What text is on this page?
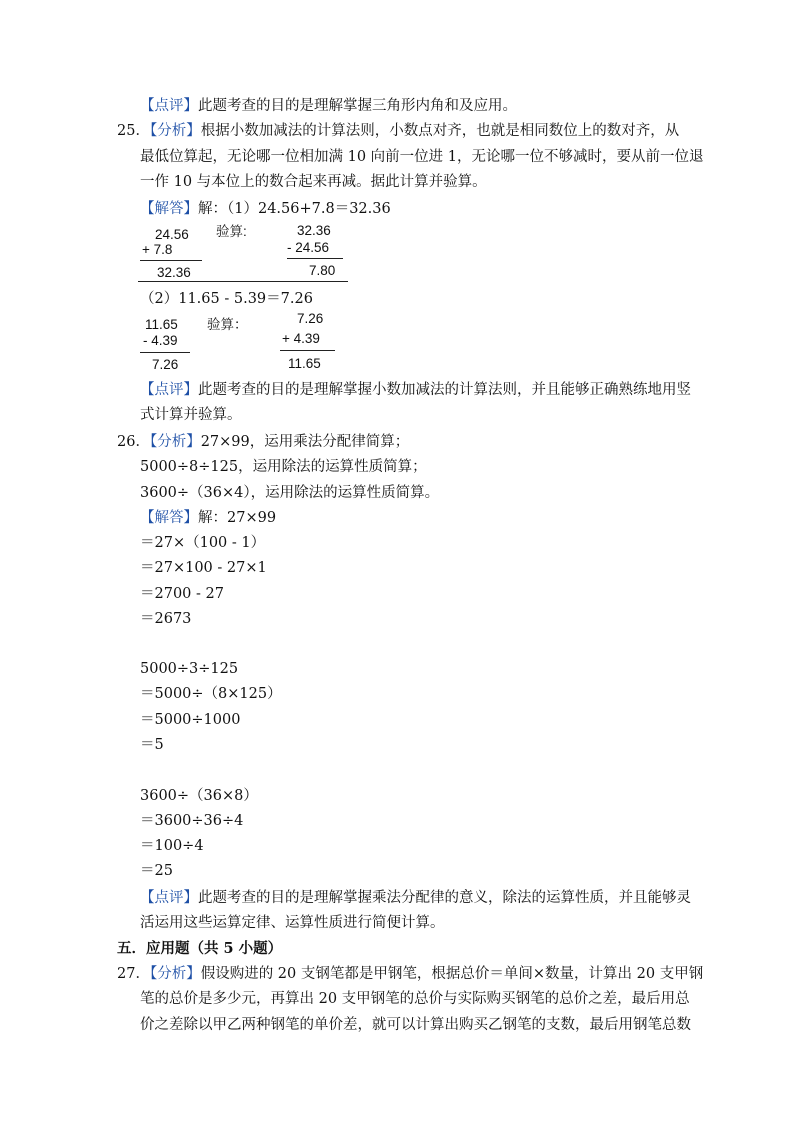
【点评】此题考查的目的是理解掌握三角形内角和及应用。
25．【分析】根据小数加减法的计算法则，小数点对齐，也就是相同数位上的数对齐，从
最低位算起，无论哪一位相加满 10 向前一位进 1，无论哪一位不够减时，要从前一位退
一作 10 与本位上的数合起来再减。据此计算并验算。
【解答】解：（1）24.56+7.8＝32.36
24.56
+ 7.8
32.36
验算:	32.36
- 24.56
7.80
（2）11.65 - 5.39＝7.26
11.65
- 4.39
7.26
验算：	7.26
+ 4.39
11.65
【点评】此题考查的目的是理解掌握小数加减法的计算法则，并且能够正确熟练地用竖
式计算并验算。
26．【分析】27×99，运用乘法分配律简算；
5000÷8÷125，运用除法的运算性质简算；
3600÷（36×4），运用除法的运算性质简算。
【解答】解：27×99
＝27×（100 - 1）
＝27×100 - 27×1
＝2700 - 27
＝2673
5000÷3÷125
＝5000÷（8×125）
＝5000÷1000
＝5
3600÷（36×8）
＝3600÷36÷4
＝100÷4
＝25
【点评】此题考查的目的是理解掌握乘法分配律的意义，除法的运算性质，并且能够灵
活运用这些运算定律、运算性质进行简便计算。
五．应用题（共 5 小题）
27．【分析】假设购进的 20 支钢笔都是甲钢笔，根据总价＝单间×数量，计算出 20 支甲钢
笔的总价是多少元，再算出 20 支甲钢笔的总价与实际购买钢笔的总价之差，最后用总
价之差除以甲乙两种钢笔的单价差，就可以计算出购买乙钢笔的支数，最后用钢笔总数
